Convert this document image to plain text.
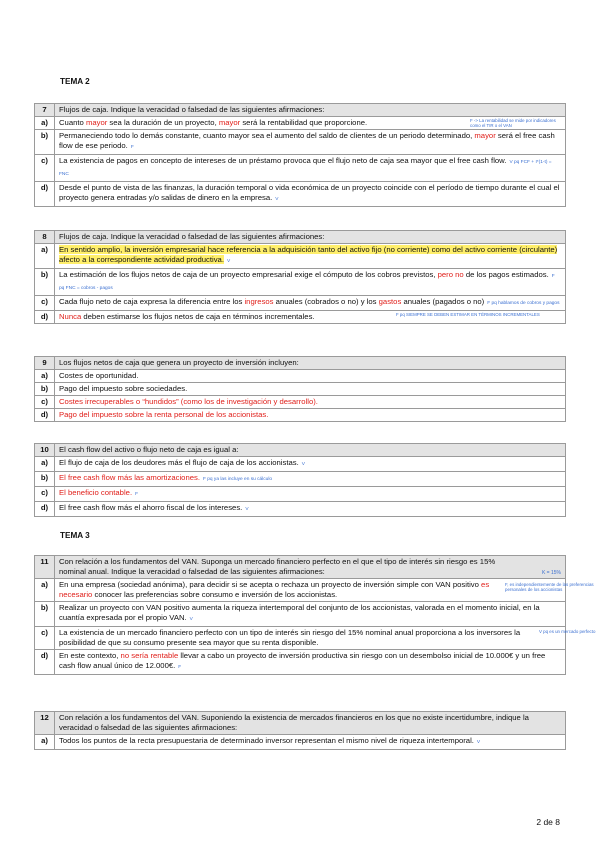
TEMA 2
7	Flujos de caja. Indique la veracidad o falsedad de las siguientes afirmaciones:
a)	Cuanto mayor sea la duración de un proyecto, mayor será la rentabilidad que proporcione. F -> La rentabilidad se mide por indicadores como el TIR o el VAN

b)	Permaneciendo todo lo demás constante, cuanto mayor sea el aumento del saldo de clientes de un periodo determinado, mayor será el free cash flow de ese periodo. F
c)	La existencia de pagos en concepto de intereses de un préstamo provoca que el flujo neto de caja sea mayor que el free cash flow. V pq FCF + I*(1-t) = FNC
d)	Desde el punto de vista de las finanzas, la duración temporal o vida económica de un proyecto coincide con el período de tiempo durante el cual el proyecto genera entradas y/o salidas de dinero en la empresa. V
8	Flujos de caja. Indique la veracidad o falsedad de las siguientes afirmaciones:
a)	En sentido amplio, la inversión empresarial hace referencia a la adquisición tanto del activo fijo (no corriente) como del activo corriente (circulante) afecto a la correspondiente actividad productiva. V
b)	La estimación de los flujos netos de caja de un proyecto empresarial exige el cómputo de los cobros previstos, pero no de los pagos estimados. F pq FNC = cobros - pagos
c)	Cada flujo neto de caja expresa la diferencia entre los ingresos anuales (cobrados o no) y los gastos anuales (pagados o no) F pq hablamos de cobros y pagos
d)	Nunca deben estimarse los flujos netos de caja en términos incrementales. F pq SIEMPRE SE DEBEN ESTIMAR EN TÉRMINOS INCREMENTALES
9	Los flujos netos de caja que genera un proyecto de inversión incluyen:
a)	Costes de oportunidad.
b)	Pago del impuesto sobre sociedades.
c)	Costes irrecuperables o “hundidos” (como los de investigación y desarrollo).
d)	Pago del impuesto sobre la renta personal de los accionistas.
10	El cash flow del activo o flujo neto de caja es igual a:
a)	El flujo de caja de los deudores más el flujo de caja de los accionistas. V
b)	El free cash flow más las amortizaciones. F pq ya las incluye en su cálculo
c)	El beneficio contable. F
d)	El free cash flow más el ahorro fiscal de los intereses. V
TEMA 3
11	Con relación a los fundamentos del VAN. Suponga un mercado financiero perfecto en el que el tipo de interés sin riesgo es 15% nominal anual. Indique la veracidad o falsedad de las siguientes afirmaciones: K = 15%

a)	En una empresa (sociedad anónima), para decidir si se acepta o rechaza un proyecto de inversión simple con VAN positivo es necesario conocer las preferencias sobre consumo e inversión de los accionistas.
F, es independientemente de las preferencias personales de los accionistas

b)	Realizar un proyecto con VAN positivo aumenta la riqueza intertemporal del conjunto de los accionistas, valorada en el momento inicial, en la cuantía expresada por el propio VAN. V
c)	La existencia de un mercado financiero perfecto con un tipo de interés sin riesgo del 15% nominal anual proporciona a los inversores la posibilidad de que su consumo presente sea mayor que su renta disponible.
V pq es un mercado perfecto

d)	En este contexto, no sería rentable llevar a cabo un proyecto de inversión productiva sin riesgo con un desembolso inicial de 10.000€ y un free cash flow anual único de 12.000€. F
12	Con relación a los fundamentos del VAN. Suponiendo la existencia de mercados financieros en los que no existe incertidumbre, indique la veracidad o falsedad de las siguientes afirmaciones:
a)	Todos los puntos de la recta presupuestaria de determinado inversor representan el mismo nivel de riqueza intertemporal. V
2 de 8
